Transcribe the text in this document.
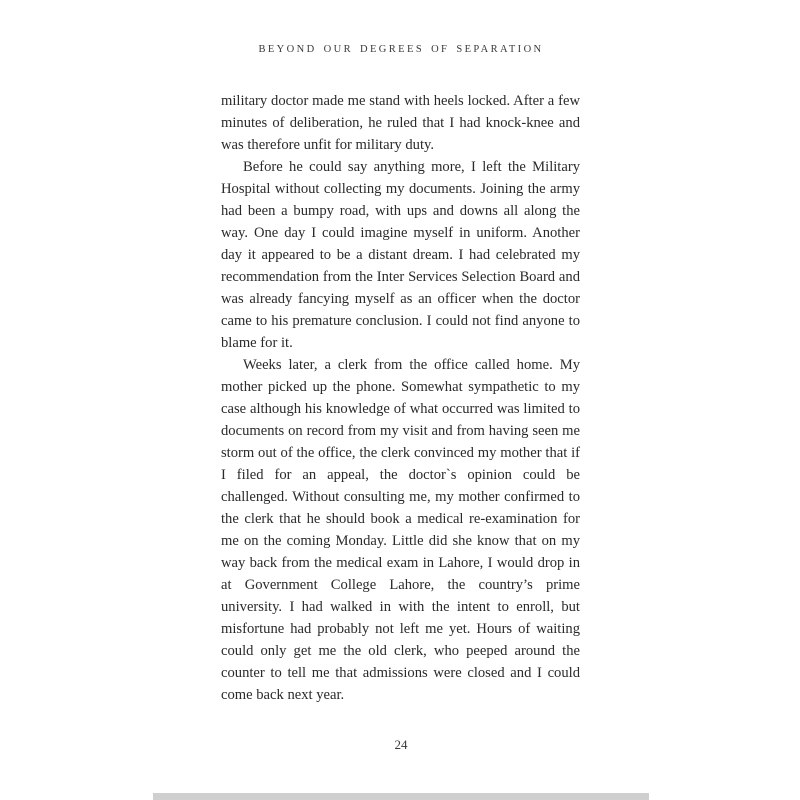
BEYOND OUR DEGREES OF SEPARATION

military doctor made me stand with heels locked. After a few minutes of deliberation, he ruled that I had knock-knee and was therefore unfit for military duty.

Before he could say anything more, I left the Military Hospital without collecting my documents. Joining the army had been a bumpy road, with ups and downs all along the way. One day I could imagine myself in uniform. Another day it appeared to be a distant dream. I had celebrated my recommendation from the Inter Services Selection Board and was already fancying myself as an officer when the doctor came to his premature conclusion. I could not find anyone to blame for it.

Weeks later, a clerk from the office called home. My mother picked up the phone. Somewhat sympathetic to my case although his knowledge of what occurred was limited to documents on record from my visit and from having seen me storm out of the office, the clerk convinced my mother that if I filed for an appeal, the doctor`s opinion could be challenged. Without consulting me, my mother confirmed to the clerk that he should book a medical re-examination for me on the coming Monday. Little did she know that on my way back from the medical exam in Lahore, I would drop in at Government College Lahore, the country’s prime university. I had walked in with the intent to enroll, but misfortune had probably not left me yet. Hours of waiting could only get me the old clerk, who peeped around the counter to tell me that admissions were closed and I could come back next year.

24
